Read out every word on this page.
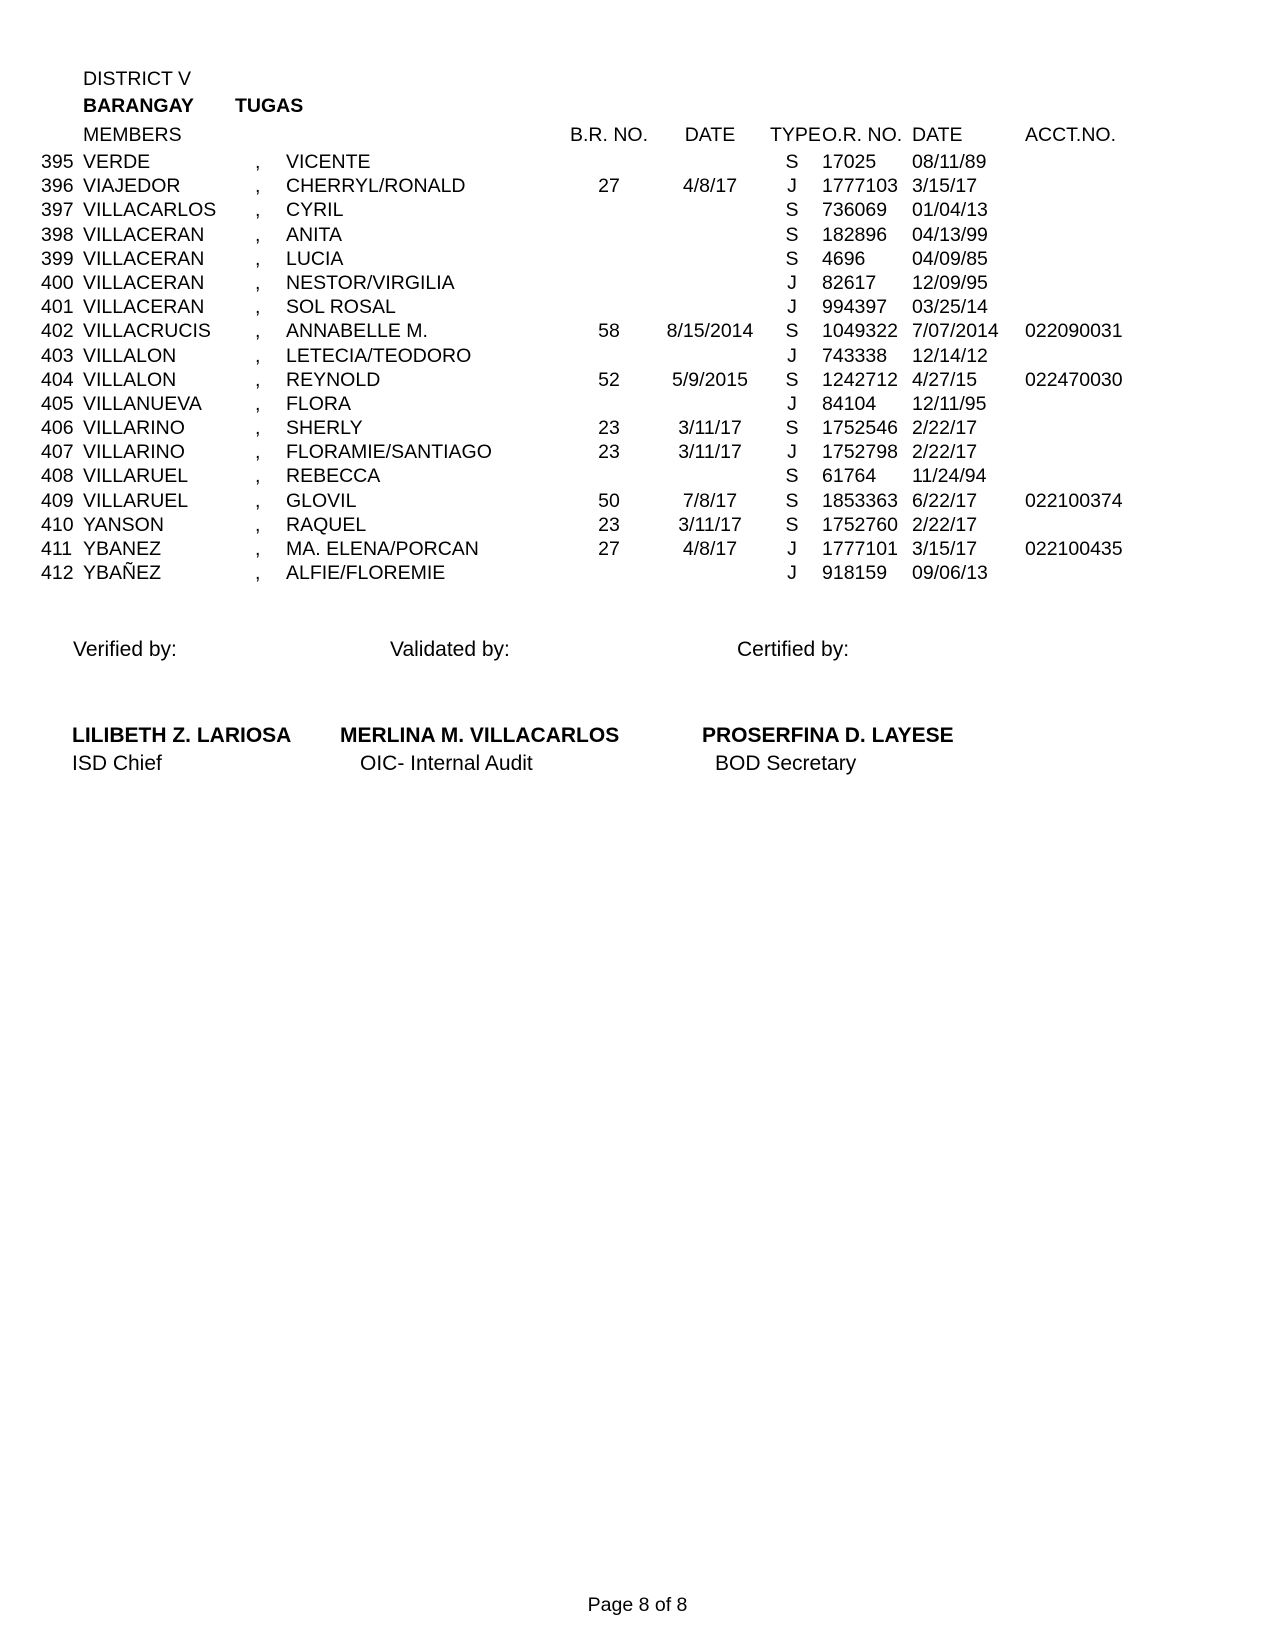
DISTRICT V
BARANGAY TUGAS
MEMBERS	B.R. NO.	DATE	TYPE O.R. NO. DATE	ACCT.NO.
395 VERDE	, VICENTE	S	17025 08/11/89
396 VIAJEDOR	, CHERRYL/RONALD	27	4/8/17	J	1777103 3/15/17
397 VILLACARLOS , CYRIL	S	736069 01/04/13
398 VILLACERAN	, ANITA	S	182896 04/13/99
399 VILLACERAN	, LUCIA	S	4696 04/09/85
400 VILLACERAN	, NESTOR/VIRGILIA	J	82617 12/09/95
401 VILLACERAN	, SOL ROSAL	J	994397 03/25/14
402 VILLACRUCIS , ANNABELLE M.	58	8/15/2014	S	1049322 7/07/2014 022090031
403 VILLALON	, LETECIA/TEODORO	J	743338 12/14/12
404 VILLALON	, REYNOLD	52	5/9/2015	S	1242712 4/27/15 022470030
405 VILLANUEVA	, FLORA	J	84104 12/11/95
406 VILLARINO	, SHERLY	23	3/11/17	S	1752546 2/22/17
407 VILLARINO	, FLORAMIE/SANTIAGO	23	3/11/17	J	1752798 2/22/17
408 VILLARUEL	, REBECCA	S	61764 11/24/94
409 VILLARUEL	, GLOVIL	50	7/8/17	S	1853363 6/22/17 022100374
410 YANSON	, RAQUEL	23	3/11/17	S	1752760 2/22/17
411 YBANEZ	, MA. ELENA/PORCAN	27	4/8/17	J	1777101 3/15/17 022100435
412 YBAÑEZ	, ALFIE/FLOREMIE	J	918159 09/06/13
Verified by:	Validated by:	Certified by:
LILIBETH Z. LARIOSA MERLINA M. VILLACARLOS	PROSERFINA D. LAYESE
ISD Chief	OIC- Internal Audit	BOD Secretary
Page 8 of 8
